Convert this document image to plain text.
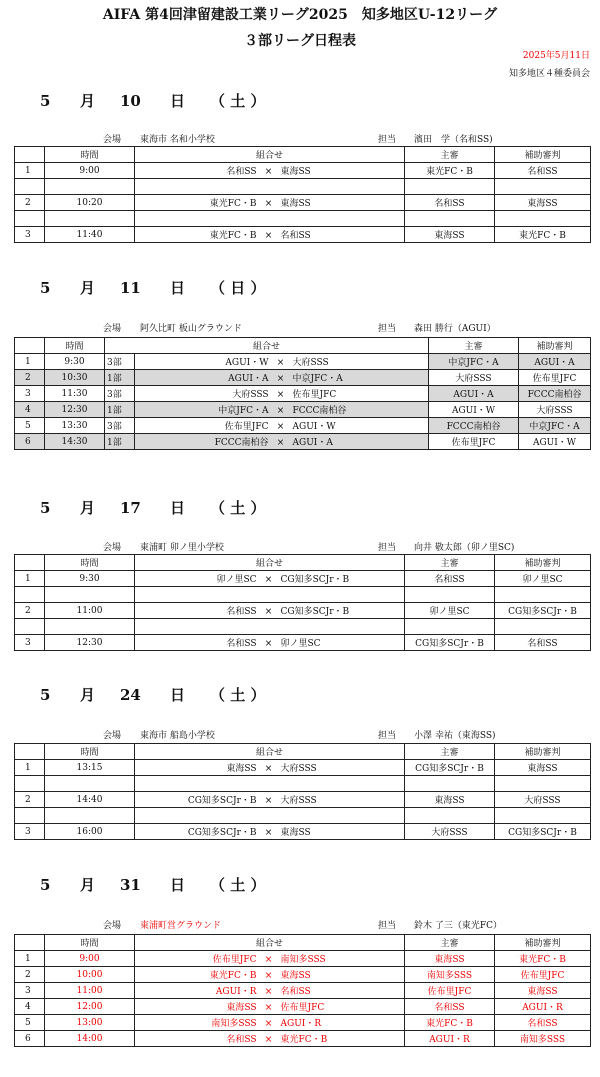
AIFA 第4回津留建設工業リーグ2025　知多地区U-12リーグ
３部リーグ日程表
2025年5月11日
知多地区４種委員会
5 月 10 日 （ 土 ）
会場 東海市 名和小学校	担当 濱田　学（名和SS)
	時間	組合せ	主審	補助審判
1	9:00	名和SS × 東海SS	東光FC・B	名和SS

2	10:20	東光FC・B × 東海SS	名和SS	東海SS

3	11:40	東光FC・B × 名和SS	東海SS	東光FC・B
5 月 11 日 （ 日 ）
会場 阿久比町 板山グラウンド	担当 森田 勝行（AGUI）
	時間	組合せ		主審	補助審判
1	9:30	3部	AGUI・W × 大府SSS	中京JFC・A	AGUI・A
2	10:30	1部	AGUI・A × 中京JFC・A	大府SSS	佐布里JFC
3	11:30	3部	大府SSS × 佐布里JFC	AGUI・A	FCCC南柏谷
4	12:30	1部	中京JFC・A × FCCC南柏谷	AGUI・W	大府SSS
5	13:30	3部	佐布里JFC × AGUI・W	FCCC南柏谷	中京JFC・A
6	14:30	1部	FCCC南柏谷 × AGUI・A	佐布里JFC	AGUI・W
5 月 17 日 （ 土 ）
会場 東浦町 卯ノ里小学校	担当 向井 敬太郎（卯ノ里SC)
	時間	組合せ	主審	補助審判
1	9:30	卯ノ里SC × CG知多SCJr・B	名和SS	卯ノ里SC

2	11:00	名和SS × CG知多SCJr・B	卯ノ里SC	CG知多SCJr・B

3	12:30	名和SS × 卯ノ里SC	CG知多SCJr・B	名和SS
5 月 24 日 （ 土 ）
会場 東海市 船島小学校	担当 小澤 幸祐（東海SS)
	時間	組合せ	主審	補助審判
1	13:15	東海SS × 大府SSS	CG知多SCJr・B	東海SS

2	14:40	CG知多SCJr・B × 大府SSS	東海SS	大府SSS

3	16:00	CG知多SCJr・B × 東海SS	大府SSS	CG知多SCJr・B
5 月 31 日 （ 土 ）
会場 東浦町営グラウンド	担当 鈴木 了三（東光FC）
	時間	組合せ	主審	補助審判
1	9:00	佐布里JFC × 南知多SSS	東海SS	東光FC・B
2	10:00	東光FC・B × 東海SS	南知多SSS	佐布里JFC
3	11:00	AGUI・R × 名和SS	佐布里JFC	東海SS
4	12:00	東海SS × 佐布里JFC	名和SS	AGUI・R
5	13:00	南知多SSS × AGUI・R	東光FC・B	名和SS
6	14:00	名和SS × 東光FC・B	AGUI・R	南知多SSS
